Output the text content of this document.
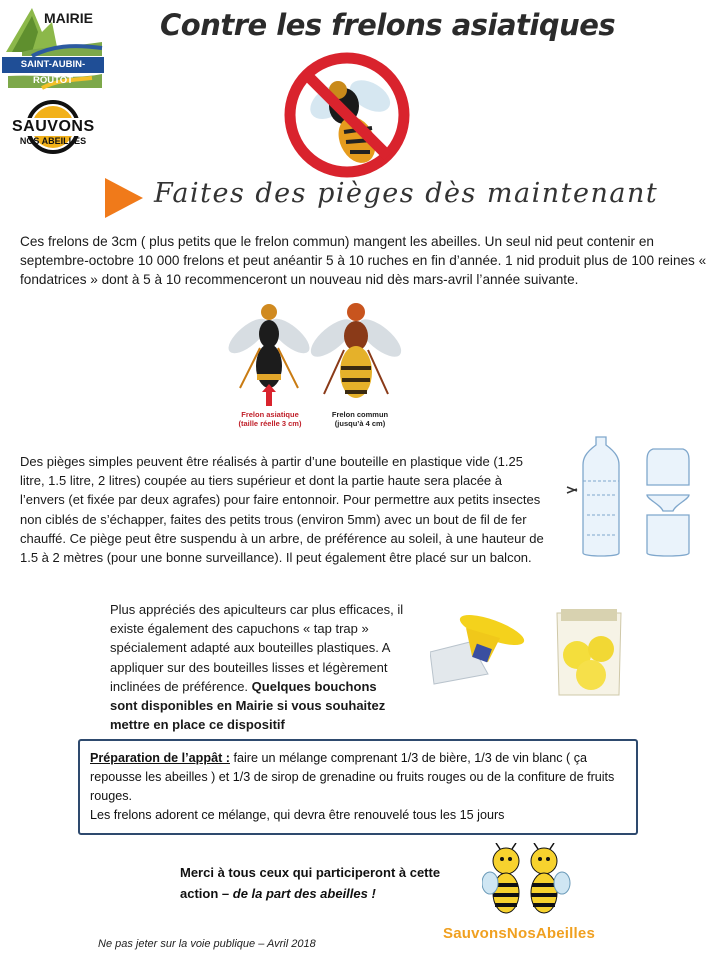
MAIRIE
SAINT-AUBIN-ROUTOT
SAUVONS
NOS ABEILLES
Contre les frelons asiatiques
Faites des pièges dès maintenant
Ces frelons de 3cm ( plus petits que le frelon commun) mangent les abeilles. Un seul nid peut contenir en septembre-octobre 10 000 frelons et peut anéantir 5 à 10 ruches en fin d’année. 1 nid produit plus de 100 reines « fondatrices » dont à 5 à 10 recommenceront un nouveau nid dès mars-avril l’année suivante.
Frelon asiatique
(taille réelle 3 cm)
Frelon commun
(jusqu’à 4 cm)
Des pièges simples peuvent être réalisés à partir d’une bouteille en plastique vide (1.25 litre, 1.5 litre, 2 litres) coupée au tiers supérieur et dont la partie haute sera placée à l’envers (et fixée par deux agrafes) pour faire entonnoir. Pour permettre aux petits insectes non ciblés de s’échapper, faites des petits trous (environ 5mm) avec un bout de fil de fer chauffé. Ce piège peut être suspendu à un arbre, de préférence au soleil, à une hauteur de 1.5 à 2 mètres (pour une bonne surveillance). Il peut également être placé sur un balcon.
Plus appréciés des apiculteurs car plus efficaces, il existe également des capuchons « tap trap » spécialement adapté aux bouteilles plastiques. A appliquer sur des bouteilles lisses et légèrement inclinées de préférence. Quelques bouchons sont disponibles en Mairie si vous souhaitez mettre en place ce dispositif
Préparation de l’appât : faire un mélange comprenant 1/3 de bière, 1/3 de vin blanc ( ça repousse les abeilles ) et 1/3 de sirop de grenadine ou fruits rouges ou de la confiture de fruits rouges.
Les frelons adorent ce mélange, qui devra être renouvelé tous les 15 jours
Merci à tous ceux qui participeront à cette action – de la part des abeilles !
SauvonsNosAbeilles
Ne pas jeter sur la voie publique – Avril 2018
